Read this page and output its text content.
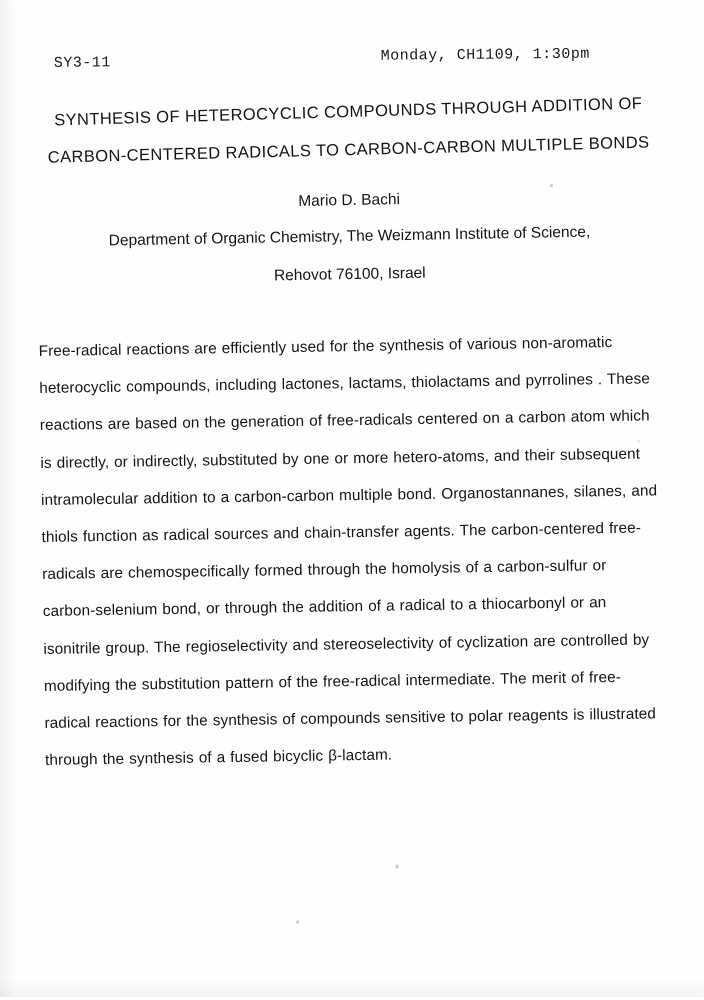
SY3-11	Monday, CH1109, 1:30pm
SYNTHESIS OF HETEROCYCLIC COMPOUNDS THROUGH ADDITION OF
CARBON-CENTERED RADICALS TO CARBON-CARBON MULTIPLE BONDS
Mario D. Bachi
Department of Organic Chemistry, The Weizmann Institute of Science,
Rehovot 76100, Israel

Free-radical reactions are efficiently used for the synthesis of various non-aromatic heterocyclic compounds, including lactones, lactams, thiolactams and pyrrolines . These reactions are based on the generation of free-radicals centered on a carbon atom which is directly, or indirectly, substituted by one or more hetero-atoms, and their subsequent intramolecular addition to a carbon-carbon multiple bond. Organostannanes, silanes, and thiols function as radical sources and chain-transfer agents. The carbon-centered free-radicals are chemospecifically formed through the homolysis of a carbon-sulfur or carbon-selenium bond, or through the addition of a radical to a thiocarbonyl or an isonitrile group. The regioselectivity and stereoselectivity of cyclization are controlled by modifying the substitution pattern of the free-radical intermediate. The merit of free-radical reactions for the synthesis of compounds sensitive to polar reagents is illustrated through the synthesis of a fused bicyclic β-lactam.
